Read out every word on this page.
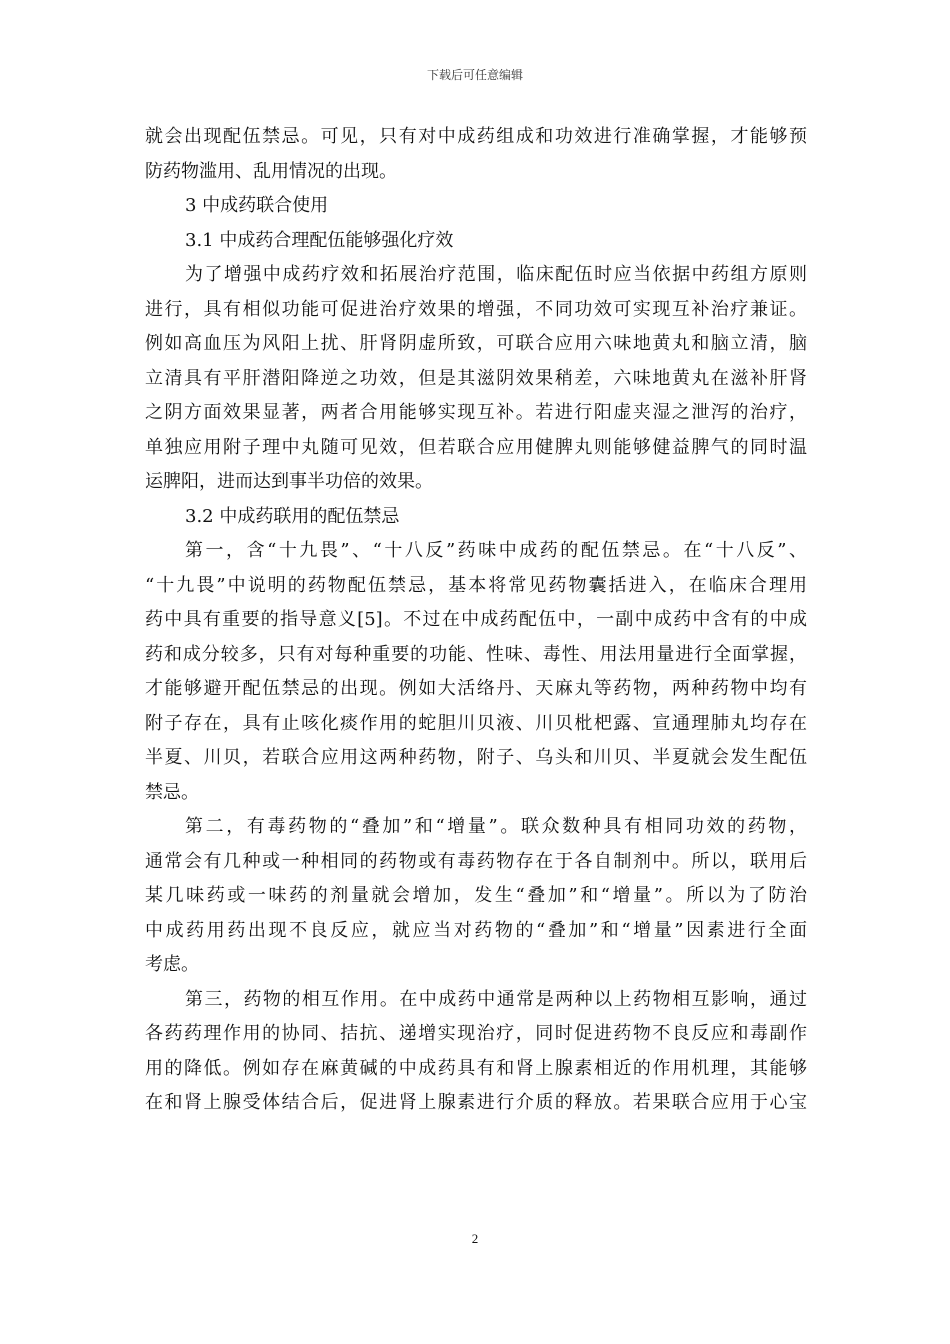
下载后可任意编辑
就会出现配伍禁忌。可见，只有对中成药组成和功效进行准确掌握，才能够预
防药物滥用、乱用情况的出现。
3 中成药联合使用
3.1 中成药合理配伍能够强化疗效
为了增强中成药疗效和拓展治疗范围，临床配伍时应当依据中药组方原则
进行，具有相似功能可促进治疗效果的增强，不同功效可实现互补治疗兼证。
例如高血压为风阳上扰、肝肾阴虚所致，可联合应用六味地黄丸和脑立清，脑
立清具有平肝潜阳降逆之功效，但是其滋阴效果稍差，六味地黄丸在滋补肝肾
之阴方面效果显著，两者合用能够实现互补。若进行阳虚夹湿之泄泻的治疗，
单独应用附子理中丸随可见效，但若联合应用健脾丸则能够健益脾气的同时温
运脾阳，进而达到事半功倍的效果。
3.2 中成药联用的配伍禁忌
第一，含“十九畏”、“十八反”药味中成药的配伍禁忌。在“十八反”、
“十九畏”中说明的药物配伍禁忌，基本将常见药物囊括进入，在临床合理用
药中具有重要的指导意义[5]。不过在中成药配伍中，一副中成药中含有的中成
药和成分较多，只有对每种重要的功能、性味、毒性、用法用量进行全面掌握，
才能够避开配伍禁忌的出现。例如大活络丹、天麻丸等药物，两种药物中均有
附子存在，具有止咳化痰作用的蛇胆川贝液、川贝枇杷露、宣通理肺丸均存在
半夏、川贝，若联合应用这两种药物，附子、乌头和川贝、半夏就会发生配伍
禁忌。
第二，有毒药物的“叠加”和“增量”。联众数种具有相同功效的药物，
通常会有几种或一种相同的药物或有毒药物存在于各自制剂中。所以，联用后
某几味药或一味药的剂量就会增加，发生“叠加”和“增量”。所以为了防治
中成药用药出现不良反应，就应当对药物的“叠加”和“增量”因素进行全面
考虑。
第三，药物的相互作用。在中成药中通常是两种以上药物相互影响，通过
各药药理作用的协同、拮抗、递增实现治疗，同时促进药物不良反应和毒副作
用的降低。例如存在麻黄碱的中成药具有和肾上腺素相近的作用机理，其能够
在和肾上腺受体结合后，促进肾上腺素进行介质的释放。若果联合应用于心宝
2
